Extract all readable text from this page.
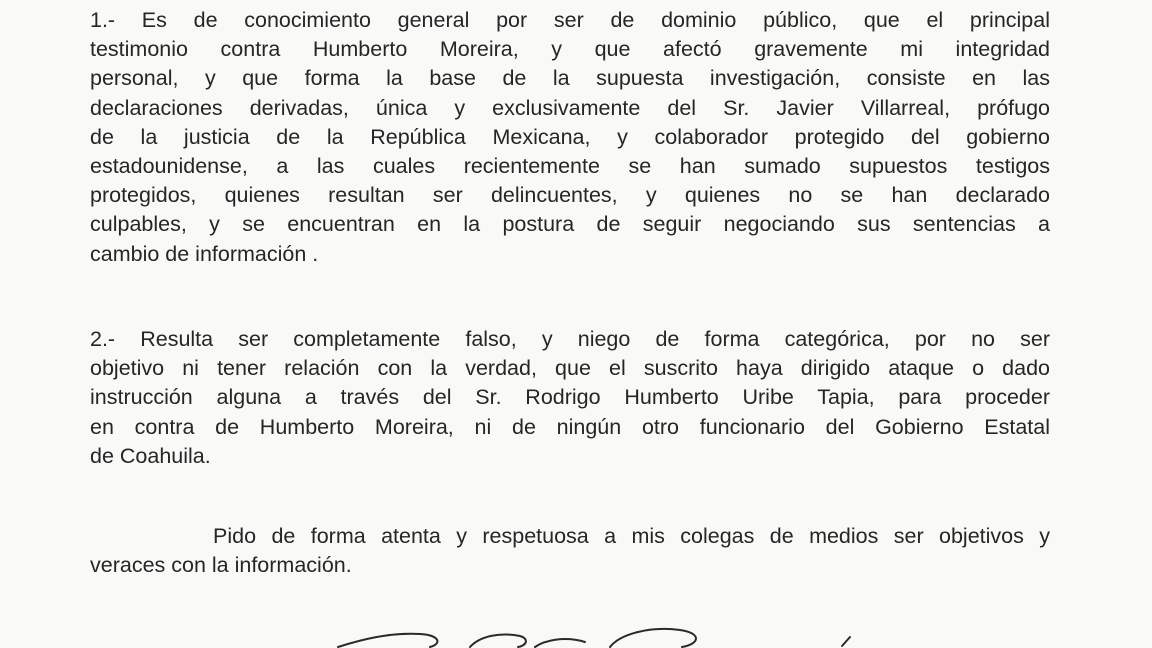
1.- Es de conocimiento general por ser de dominio público, que el principal
testimonio contra Humberto Moreira, y que afectó gravemente mi integridad
personal, y que forma la base de la supuesta investigación, consiste en las
declaraciones derivadas, única y exclusivamente del Sr. Javier Villarreal, prófugo
de la justicia de la República Mexicana, y colaborador protegido del gobierno
estadounidense, a las cuales recientemente se han sumado supuestos testigos
protegidos, quienes resultan ser delincuentes, y quienes no se han declarado
culpables, y se encuentran en la postura de seguir negociando sus sentencias a
cambio de información .
2.- Resulta ser completamente falso, y niego de forma categórica, por no ser
objetivo ni tener relación con la verdad, que el suscrito haya dirigido ataque o dado
instrucción alguna a través del Sr. Rodrigo Humberto Uribe Tapia, para proceder
en contra de Humberto Moreira, ni de ningún otro funcionario del Gobierno Estatal
de Coahuila.
Pido de forma atenta y respetuosa a mis colegas de medios ser objetivos y
veraces con la información.
